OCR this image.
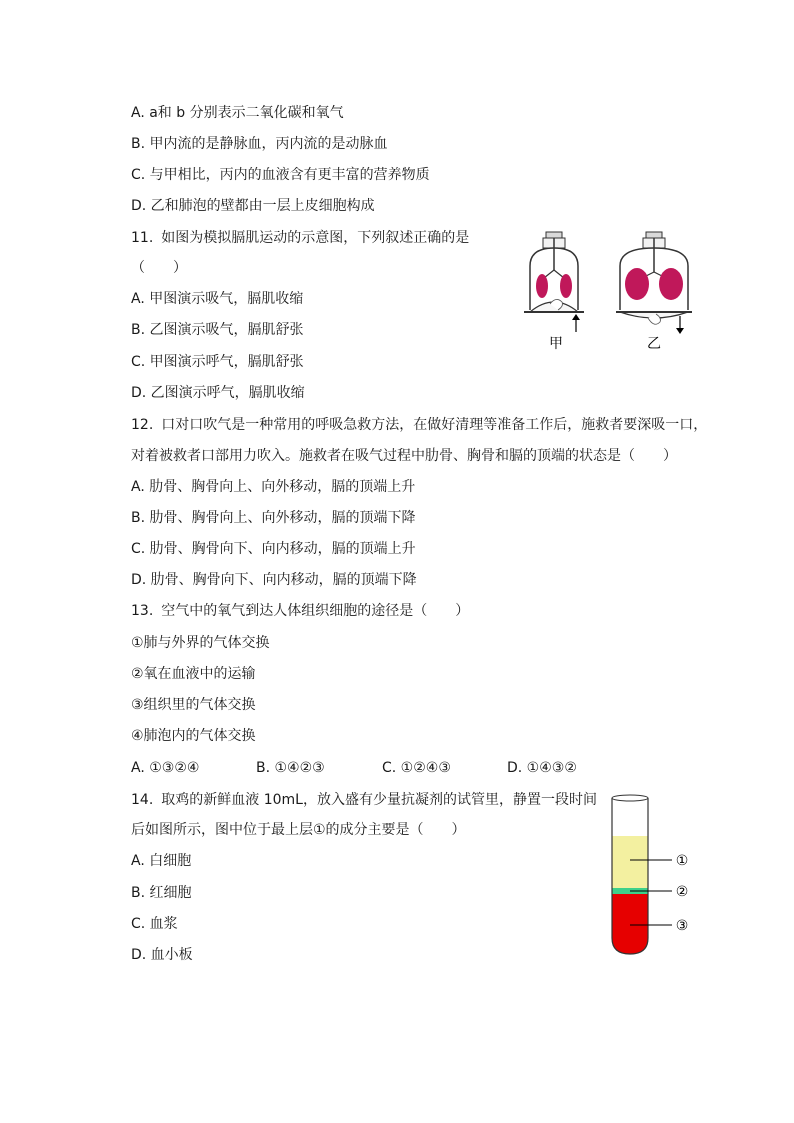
A. a和 b 分别表示二氧化碳和氧气
B. 甲内流的是静脉血，丙内流的是动脉血
C. 与甲相比，丙内的血液含有更丰富的营养物质
D. 乙和肺泡的壁都由一层上皮细胞构成
11. 如图为模拟膈肌运动的示意图，下列叙述正确的是
（　　）
A. 甲图演示吸气，膈肌收缩
B. 乙图演示吸气，膈肌舒张
C. 甲图演示呼气，膈肌舒张
D. 乙图演示呼气，膈肌收缩
甲	乙
12. 口对口吹气是一种常用的呼吸急救方法，在做好清理等准备工作后，施救者要深吸一口，
对着被救者口部用力吹入。施救者在吸气过程中肋骨、胸骨和膈的顶端的状态是（　　）
A. 肋骨、胸骨向上、向外移动，膈的顶端上升
B. 肋骨、胸骨向上、向外移动，膈的顶端下降
C. 肋骨、胸骨向下、向内移动，膈的顶端上升
D. 肋骨、胸骨向下、向内移动，膈的顶端下降
13. 空气中的氧气到达人体组织细胞的途径是（　　）
①肺与外界的气体交换
②氧在血液中的运输
③组织里的气体交换
④肺泡内的气体交换
A. ①③②④	B. ①④②③	C. ①②④③	D. ①④③②
14. 取鸡的新鲜血液 10mL，放入盛有少量抗凝剂的试管里，静置一段时间
后如图所示，图中位于最上层①的成分主要是（　　）
A. 白细胞
B. 红细胞
C. 血浆
D. 血小板
①
②
③
